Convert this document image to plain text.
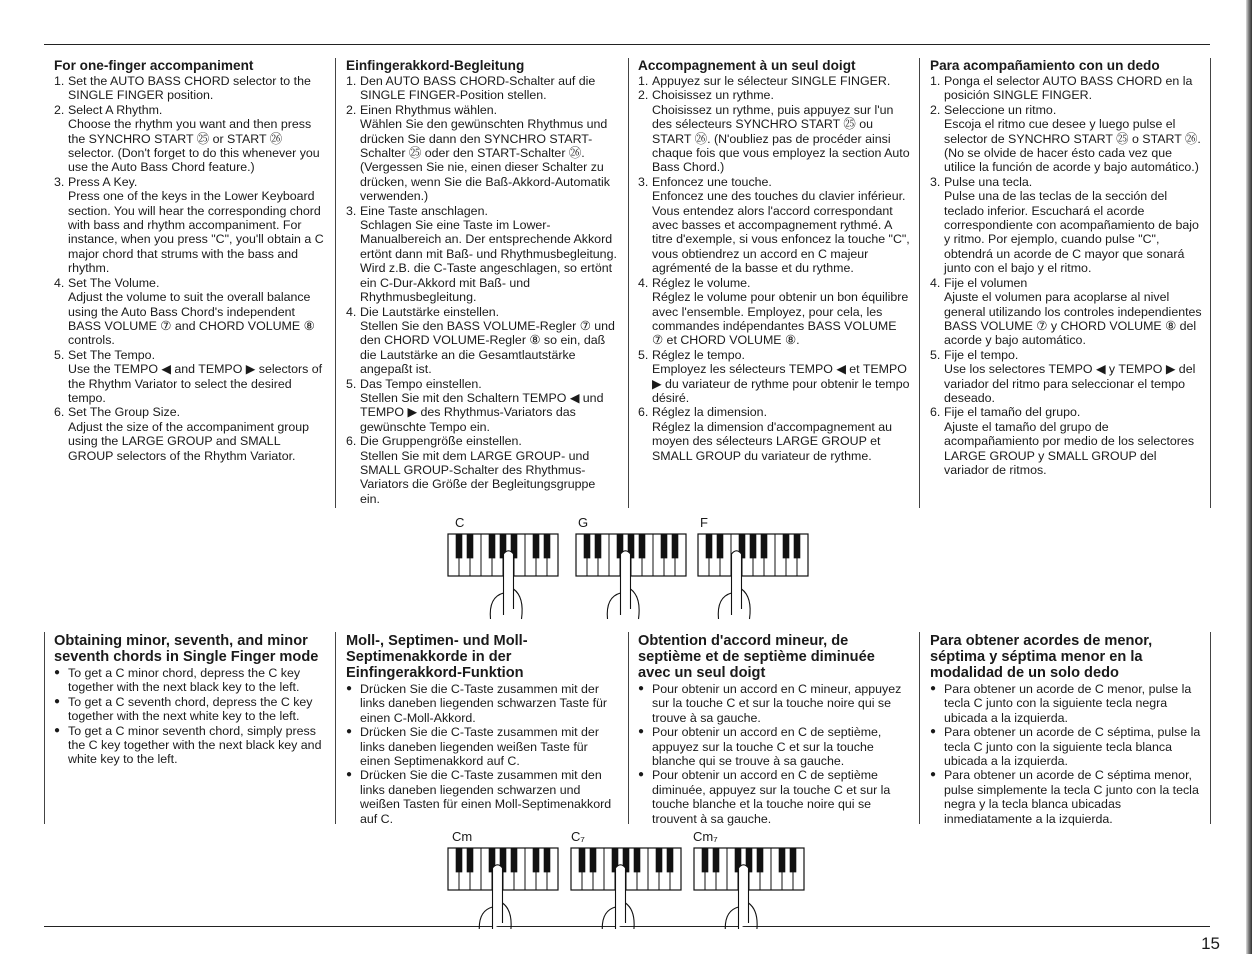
For one-finger accompaniment
1. Set the AUTO BASS CHORD selector to the SINGLE FINGER position.
2. Select A Rhythm.
Choose the rhythm you want and then press the SYNCHRO START ㉕ or START ㉖ selector. (Don't forget to do this whenever you use the Auto Bass Chord feature.)
3. Press A Key.
Press one of the keys in the Lower Keyboard section. You will hear the corresponding chord with bass and rhythm accompaniment. For instance, when you press "C", you'll obtain a C major chord that strums with the bass and rhythm.
4. Set The Volume.
Adjust the volume to suit the overall balance using the Auto Bass Chord's independent BASS VOLUME ⑦ and CHORD VOLUME ⑧ controls.
5. Set The Tempo.
Use the TEMPO ◀ and TEMPO ▶ selectors of the Rhythm Variator to select the desired tempo.
6. Set The Group Size.
Adjust the size of the accompaniment group using the LARGE GROUP and SMALL GROUP selectors of the Rhythm Variator.
Einfingerakkord-Begleitung
1. Den AUTO BASS CHORD-Schalter auf die SINGLE FINGER-Position stellen.
2. Einen Rhythmus wählen.
Wählen Sie den gewünschten Rhythmus und drücken Sie dann den SYNCHRO START-Schalter ㉕ oder den START-Schalter ㉖. (Vergessen Sie nie, einen dieser Schalter zu drücken, wenn Sie die Baß-Akkord-Automatik verwenden.)
3. Eine Taste anschlagen.
Schlagen Sie eine Taste im Lower-Manualbereich an. Der entsprechende Akkord ertönt dann mit Baß- und Rhythmusbegleitung. Wird z.B. die C-Taste angeschlagen, so ertönt ein C-Dur-Akkord mit Baß- und Rhythmusbegleitung.
4. Die Lautstärke einstellen.
Stellen Sie den BASS VOLUME-Regler ⑦ und den CHORD VOLUME-Regler ⑧ so ein, daß die Lautstärke an die Gesamtlautstärke angepaßt ist.
5. Das Tempo einstellen.
Stellen Sie mit den Schaltern TEMPO ◀ und TEMPO ▶ des Rhythmus-Variators das gewünschte Tempo ein.
6. Die Gruppengröße einstellen.
Stellen Sie mit dem LARGE GROUP- und SMALL GROUP-Schalter des Rhythmus-Variators die Größe der Begleitungsgruppe ein.
Accompagnement à un seul doigt
1. Appuyez sur le sélecteur SINGLE FINGER.
2. Choisissez un rythme.
Choisissez un rythme, puis appuyez sur l'un des sélecteurs SYNCHRO START ㉕ ou START ㉖. (N'oubliez pas de procéder ainsi chaque fois que vous employez la section Auto Bass Chord.)
3. Enfoncez une touche.
Enfoncez une des touches du clavier inférieur. Vous entendez alors l'accord correspondant avec basses et accompagnement rythmé. A titre d'exemple, si vous enfoncez la touche "C", vous obtiendrez un accord en C majeur agrémenté de la basse et du rythme.
4. Réglez le volume.
Réglez le volume pour obtenir un bon équilibre avec l'ensemble. Employez, pour cela, les commandes indépendantes BASS VOLUME ⑦ et CHORD VOLUME ⑧.
5. Réglez le tempo.
Employez les sélecteurs TEMPO ◀ et TEMPO ▶ du variateur de rythme pour obtenir le tempo désiré.
6. Réglez la dimension.
Réglez la dimension d'accompagnement au moyen des sélecteurs LARGE GROUP et SMALL GROUP du variateur de rythme.
Para acompañamiento con un dedo
1. Ponga el selector AUTO BASS CHORD en la posición SINGLE FINGER.
2. Seleccione un ritmo.
Escoja el ritmo cue desee y luego pulse el selector de SYNCHRO START ㉕ o START ㉖. (No se olvide de hacer ésto cada vez que utilice la función de acorde y bajo automático.)
3. Pulse una tecla.
Pulse una de las teclas de la sección del teclado inferior. Escuchará el acorde correspondiente con acompañamiento de bajo y ritmo. Por ejemplo, cuando pulse "C", obtendrá un acorde de C mayor que sonará junto con el bajo y el ritmo.
4. Fije el volumen
Ajuste el volumen para acoplarse al nivel general utilizando los controles independientes BASS VOLUME ⑦ y CHORD VOLUME ⑧ del acorde y bajo automático.
5. Fije el tempo.
Use los selectores TEMPO ◀ y TEMPO ▶ del variador del ritmo para seleccionar el tempo deseado.
6. Fije el tamaño del grupo.
Ajuste el tamaño del grupo de acompañamiento por medio de los selectores LARGE GROUP y SMALL GROUP del variador de ritmos.
C	G	F
Obtaining minor, seventh, and minor seventh chords in Single Finger mode
● To get a C minor chord, depress the C key together with the next black key to the left.
● To get a C seventh chord, depress the C key together with the next white key to the left.
● To get a C minor seventh chord, simply press the C key together with the next black key and white key to the left.
Moll-, Septimen- und Moll-Septimenakkorde in der Einfingerakkord-Funktion
● Drücken Sie die C-Taste zusammen mit der links daneben liegenden schwarzen Taste für einen C-Moll-Akkord.
● Drücken Sie die C-Taste zusammen mit der links daneben liegenden weißen Taste für einen Septimenakkord auf C.
● Drücken Sie die C-Taste zusammen mit den links daneben liegenden schwarzen und weißen Tasten für einen Moll-Septimenakkord auf C.
Obtention d'accord mineur, de septième et de septième diminuée avec un seul doigt
● Pour obtenir un accord en C mineur, appuyez sur la touche C et sur la touche noire qui se trouve à sa gauche.
● Pour obtenir un accord en C de septième, appuyez sur la touche C et sur la touche blanche qui se trouve à sa gauche.
● Pour obtenir un accord en C de septième diminuée, appuyez sur la touche C et sur la touche blanche et la touche noire qui se trouvent à sa gauche.
Para obtener acordes de menor, séptima y séptima menor en la modalidad de un solo dedo
● Para obtener un acorde de C menor, pulse la tecla C junto con la siguiente tecla negra ubicada a la izquierda.
● Para obtener un acorde de C séptima, pulse la tecla C junto con la siguiente tecla blanca ubicada a la izquierda.
● Para obtener un acorde de C séptima menor, pulse simplemente la tecla C junto con la tecla negra y la tecla blanca ubicadas inmediatamente a la izquierda.
Cm	C₇	Cm₇
15
